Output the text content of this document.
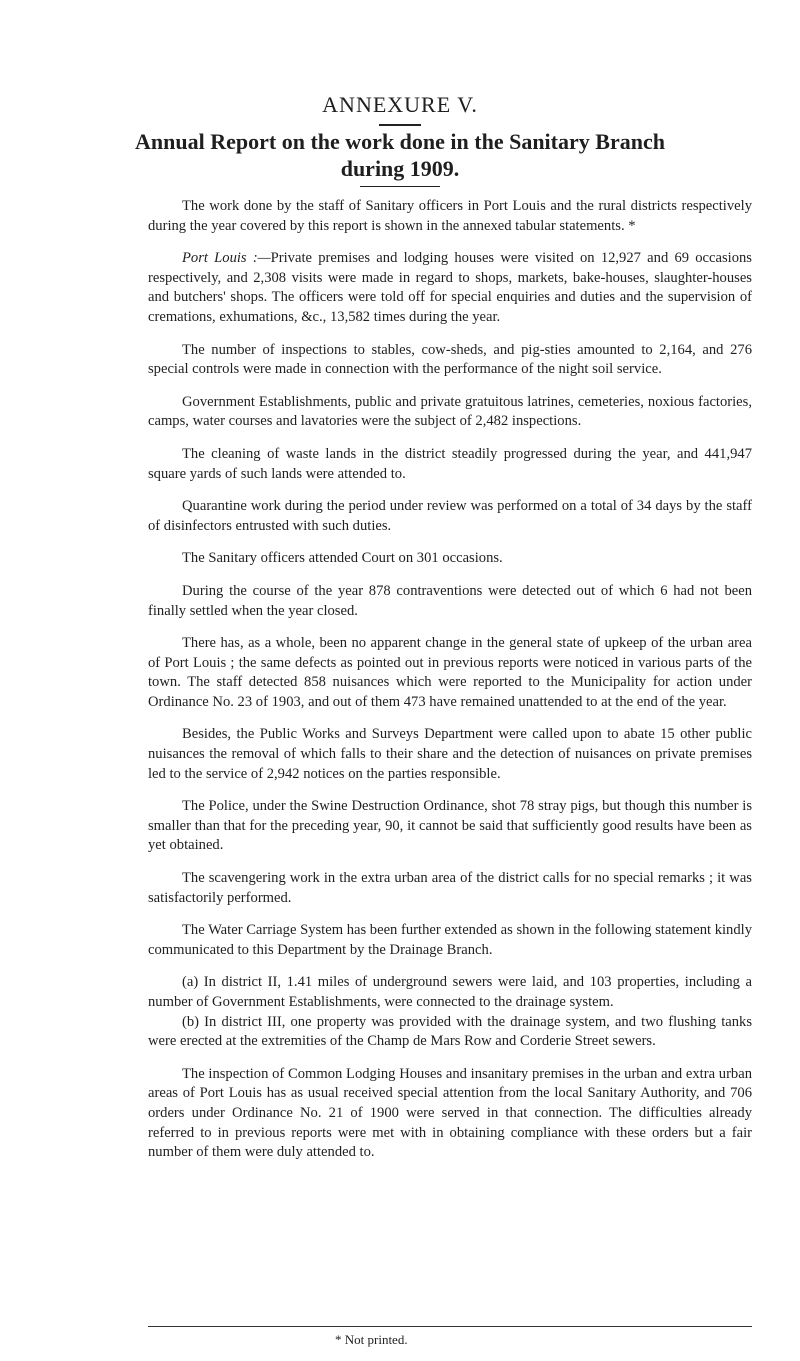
ANNEXURE V.
Annual Report on the work done in the Sanitary Branch
during 1909.

The work done by the staff of Sanitary officers in Port Louis and the rural districts respectively during the year covered by this report is shown in the annexed tabular statements. *

Port Louis :—Private premises and lodging houses were visited on 12,927 and 69 occasions respectively, and 2,308 visits were made in regard to shops, markets, bake-houses, slaughter-houses and butchers' shops. The officers were told off for special enquiries and duties and the supervision of cremations, exhumations, &c., 13,582 times during the year.

The number of inspections to stables, cow-sheds, and pig-sties amounted to 2,164, and 276 special controls were made in connection with the performance of the night soil service.

Government Establishments, public and private gratuitous latrines, cemeteries, noxious factories, camps, water courses and lavatories were the subject of 2,482 inspections.

The cleaning of waste lands in the district steadily progressed during the year, and 441,947 square yards of such lands were attended to.

Quarantine work during the period under review was performed on a total of 34 days by the staff of disinfectors entrusted with such duties.

The Sanitary officers attended Court on 301 occasions.

During the course of the year 878 contraventions were detected out of which 6 had not been finally settled when the year closed.

There has, as a whole, been no apparent change in the general state of upkeep of the urban area of Port Louis ; the same defects as pointed out in previous reports were noticed in various parts of the town. The staff detected 858 nuisances which were reported to the Municipality for action under Ordinance No. 23 of 1903, and out of them 473 have remained unattended to at the end of the year.

Besides, the Public Works and Surveys Department were called upon to abate 15 other public nuisances the removal of which falls to their share and the detection of nuisances on private premises led to the service of 2,942 notices on the parties responsible.

The Police, under the Swine Destruction Ordinance, shot 78 stray pigs, but though this number is smaller than that for the preceding year, 90, it cannot be said that sufficiently good results have been as yet obtained.

The scavengering work in the extra urban area of the district calls for no special remarks ; it was satisfactorily performed.

The Water Carriage System has been further extended as shown in the following statement kindly communicated to this Department by the Drainage Branch.

(a) In district II, 1.41 miles of underground sewers were laid, and 103 properties, including a number of Government Establishments, were connected to the drainage system.

(b) In district III, one property was provided with the drainage system, and two flushing tanks were erected at the extremities of the Champ de Mars Row and Corderie Street sewers.

The inspection of Common Lodging Houses and insanitary premises in the urban and extra urban areas of Port Louis has as usual received special attention from the local Sanitary Authority, and 706 orders under Ordinance No. 21 of 1900 were served in that connection. The difficulties already referred to in previous reports were met with in obtaining compliance with these orders but a fair number of them were duly attended to.

* Not printed.
